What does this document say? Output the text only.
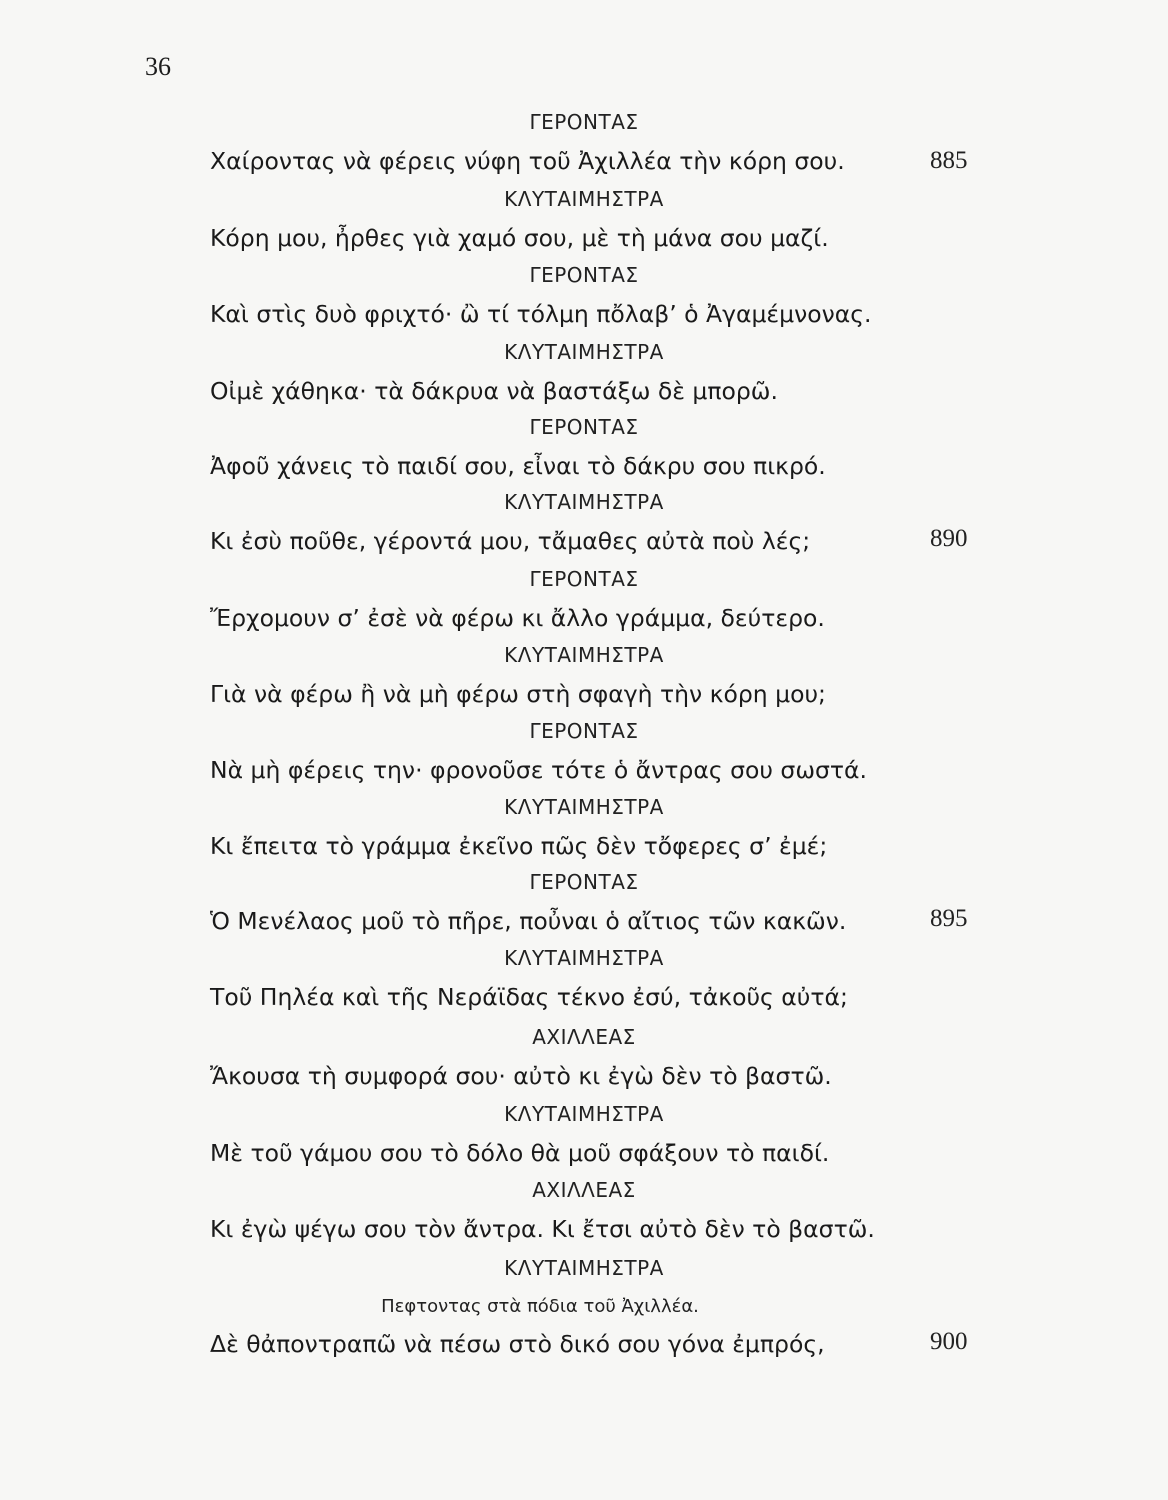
36
ΓΕΡΟΝΤΑΣ
Χαίροντας νὰ φέρεις νύφη τοῦ Ἀχιλλέα τὴν κόρη σου.	885
ΚΛΥΤΑΙΜΗΣΤΡΑ
Κόρη μου, ἦρθες γιὰ χαμό σου, μὲ τὴ μάνα σου μαζί.
ΓΕΡΟΝΤΑΣ
Καὶ στὶς δυὸ φριχτό· ὢ τί τόλμη πὄλαβ’ ὁ Ἀγαμέμνονας.
ΚΛΥΤΑΙΜΗΣΤΡΑ
Οἰμὲ χάθηκα· τὰ δάκρυα νὰ βαστάξω δὲ μπορῶ.
ΓΕΡΟΝΤΑΣ
Ἀφοῦ χάνεις τὸ παιδί σου, εἶναι τὸ δάκρυ σου πικρό.
ΚΛΥΤΑΙΜΗΣΤΡΑ
Κι ἐσὺ ποῦθε, γέροντά μου, τἄμαθες αὐτὰ ποὺ λές;	890
ΓΕΡΟΝΤΑΣ
Ἔρχομουν σ’ ἐσὲ νὰ φέρω κι ἄλλο γράμμα, δεύτερο.
ΚΛΥΤΑΙΜΗΣΤΡΑ
Γιὰ νὰ φέρω ἢ νὰ μὴ φέρω στὴ σφαγὴ τὴν κόρη μου;
ΓΕΡΟΝΤΑΣ
Νὰ μὴ φέρεις την· φρονοῦσε τότε ὁ ἄντρας σου σωστά.
ΚΛΥΤΑΙΜΗΣΤΡΑ
Κι ἔπειτα τὸ γράμμα ἐκεῖνο πῶς δὲν τὄφερες σ’ ἐμέ;
ΓΕΡΟΝΤΑΣ
Ὁ Μενέλαος μοῦ τὸ πῆρε, ποὖναι ὁ αἴτιος τῶν κακῶν.	895
ΚΛΥΤΑΙΜΗΣΤΡΑ
Τοῦ Πηλέα καὶ τῆς Νεράϊδας τέκνο ἐσύ, τἀκοῦς αὐτά;
ΑΧΙΛΛΕΑΣ
Ἄκουσα τὴ συμφορά σου· αὐτὸ κι ἐγὼ δὲν τὸ βαστῶ.
ΚΛΥΤΑΙΜΗΣΤΡΑ
Μὲ τοῦ γάμου σου τὸ δόλο θὰ μοῦ σφάξουν τὸ παιδί.
ΑΧΙΛΛΕΑΣ
Κι ἐγὼ ψέγω σου τὸν ἄντρα. Κι ἔτσι αὐτὸ δὲν τὸ βαστῶ.
ΚΛΥΤΑΙΜΗΣΤΡΑ
Πεφτοντας στὰ πόδια τοῦ Ἀχιλλέα.
Δὲ θἀποντραπῶ νὰ πέσω στὸ δικό σου γόνα ἐμπρός,	900
